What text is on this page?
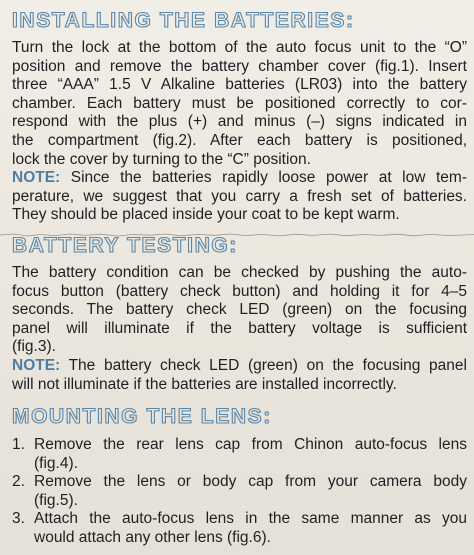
INSTALLING THE BATTERIES:

Turn the lock at the bottom of the auto focus unit to the “O”
position and remove the battery chamber cover (fig.1). Insert
three “AAA” 1.5 V Alkaline batteries (LR03) into the battery
chamber. Each battery must be positioned correctly to cor-
respond with the plus (+) and minus (–) signs indicated in
the compartment (fig.2). After each battery is positioned,
lock the cover by turning to the “C” position.

NOTE: Since the batteries rapidly loose power at low tem-
perature, we suggest that you carry a fresh set of batteries.
They should be placed inside your coat to be kept warm.

BATTERY TESTING:

The battery condition can be checked by pushing the auto-
focus button (battery check button) and holding it for 4–5
seconds. The battery check LED (green) on the focusing
panel will illuminate if the battery voltage is sufficient
(fig.3).

NOTE: The battery check LED (green) on the focusing panel
will not illuminate if the batteries are installed incorrectly.

MOUNTING THE LENS:
1. Remove the rear lens cap from Chinon auto-focus lens
(fig.4).
2. Remove the lens or body cap from your camera body
(fig.5).
3. Attach the auto-focus lens in the same manner as you
would attach any other lens (fig.6).
